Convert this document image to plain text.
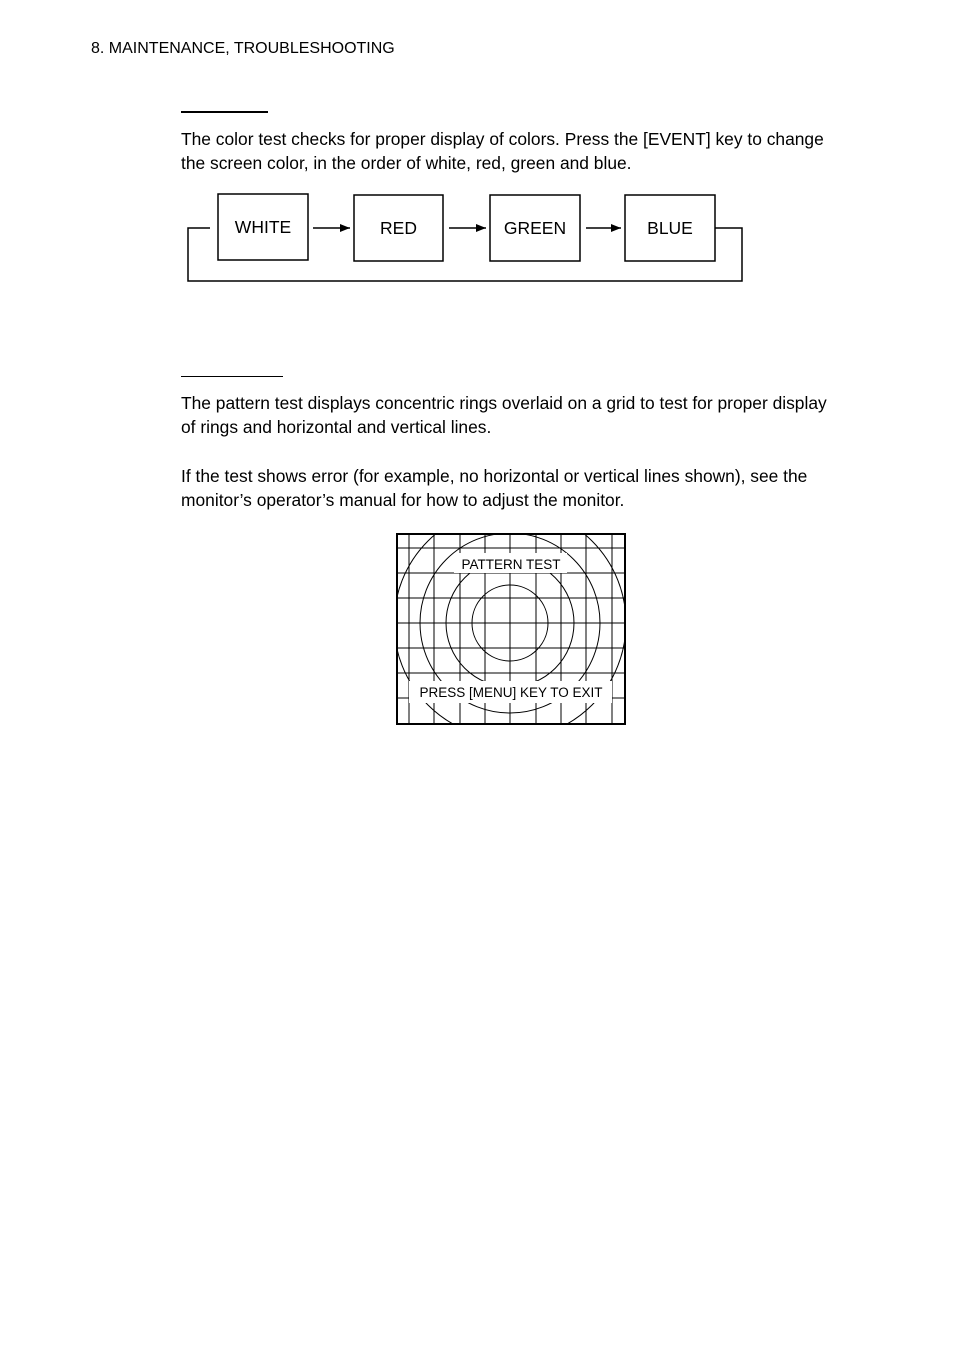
8. MAINTENANCE, TROUBLESHOOTING

The color test checks for proper display of colors. Press the [EVENT] key to change the screen color, in the order of white, red, green and blue.

WHITE	RED	GREEN	BLUE

The pattern test displays concentric rings overlaid on a grid to test for proper display of rings and horizontal and vertical lines.

If the test shows error (for example, no horizontal or vertical lines shown), see the monitor’s operator’s manual for how to adjust the monitor.

PATTERN TEST
PRESS [MENU] KEY TO EXIT
